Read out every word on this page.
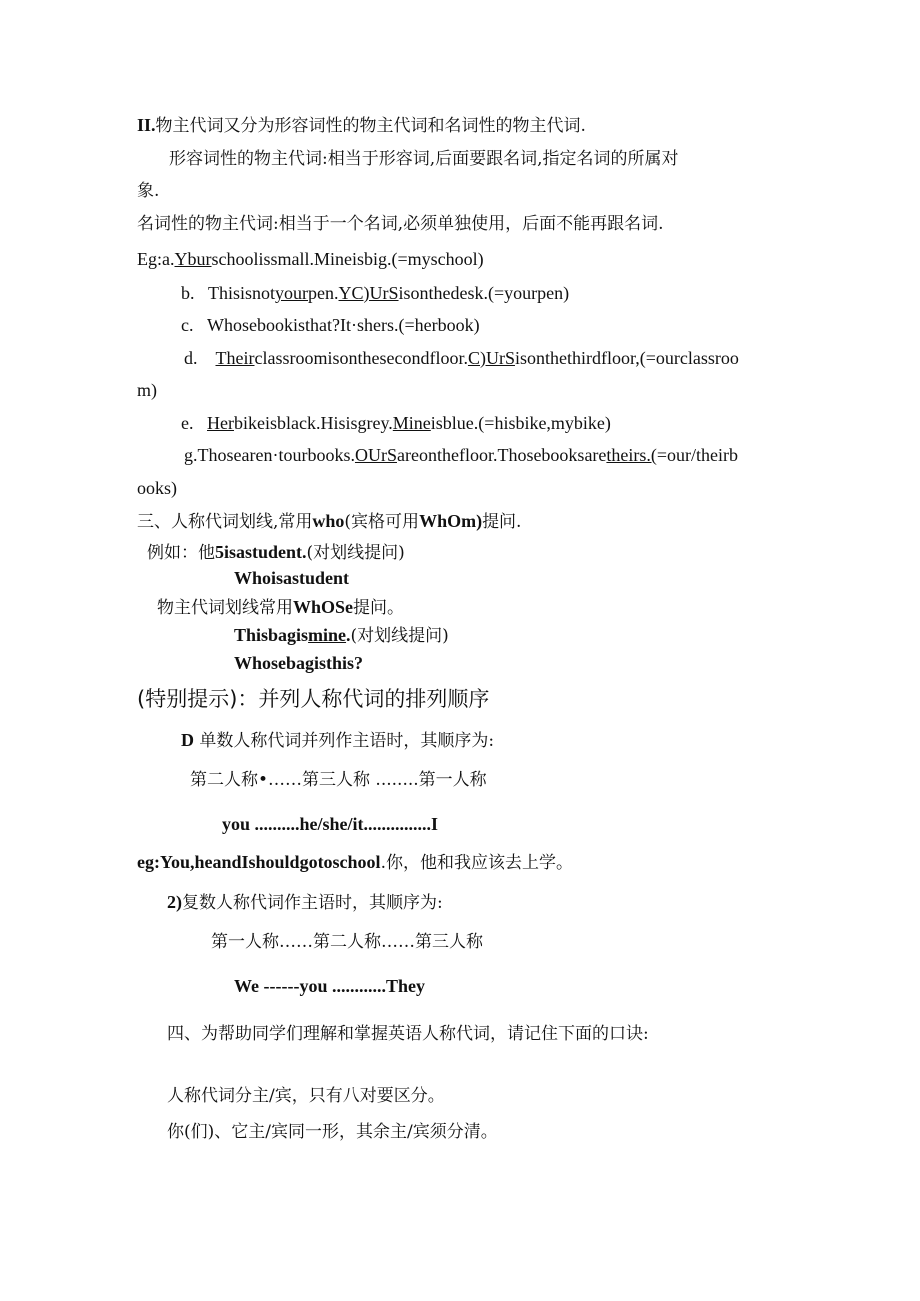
II.物主代词又分为形容词性的物主代词和名词性的物主代词.
形容词性的物主代词:相当于形容词,后面要跟名词,指定名词的所属对
象.
名词性的物主代词:相当于一个名词,必须单独使用，后面不能再跟名词.
Eg:a.Yburschoolissmall.Mineisbig.(=myschool)
b. Thisisnotyourpen.YC)UrSisonthedesk.(=yourpen)
c. Whosebookisthat?It·shers.(=herbook)
d. Theirclassroomisonthesecondfloor.C)UrSisonthethirdfloor,(=ourclassroo
m)
e. Herbikeisblack.Hisisgrey.Mineisblue.(=hisbike,mybike)
g.Thosearen·tourbooks.OUrSareonthefloor.Thosebooksaretheirs.(=our/theirb
ooks)
三、人称代词划线,常用who(宾格可用WhOm)提问.
例如：他5isastudent.(对划线提问)
Whoisastudent
物主代词划线常用WhOSe提问。
Thisbagismine.(对划线提问)
Whosebagisthis?
(特别提示)：并列人称代词的排列顺序
D 单数人称代词并列作主语时，其顺序为:
第二人称•……第三人称 ........第一人称
you ..........he/she/it...............I
eg:You,heandIshouldgotoschool.你，他和我应该去上学。
2)复数人称代词作主语时，其顺序为:
第一人称……第二人称……第三人称
We ------you ............They
四、为帮助同学们理解和掌握英语人称代词，请记住下面的口诀:
人称代词分主/宾，只有八对要区分。
你(们)、它主/宾同一形，其余主/宾须分清。
